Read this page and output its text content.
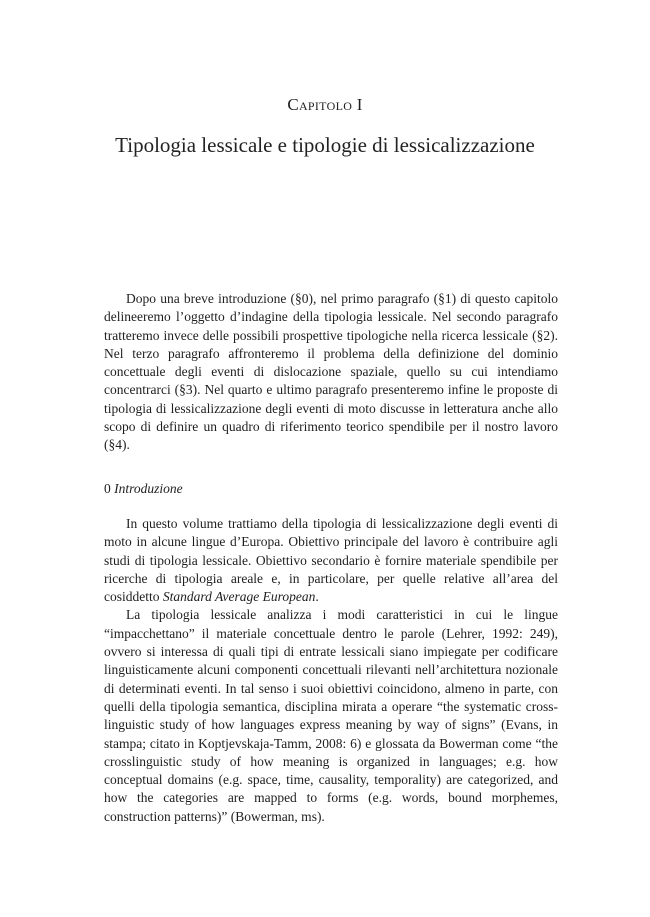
Capitolo I
Tipologia lessicale e tipologie di lessicalizzazione

Dopo una breve introduzione (§0), nel primo paragrafo (§1) di questo capitolo delineeremo l’oggetto d’indagine della tipologia lessicale. Nel secondo paragrafo tratteremo invece delle possibili prospettive tipologiche nella ricerca lessicale (§2). Nel terzo paragrafo affronteremo il problema della definizione del dominio concettuale degli eventi di dislocazione spaziale, quello su cui intendiamo concentrarci (§3). Nel quarto e ultimo paragrafo presenteremo infine le proposte di tipologia di lessicalizzazione degli eventi di moto discusse in letteratura anche allo scopo di definire un quadro di riferimento teorico spendibile per il nostro lavoro (§4).

0 Introduzione

In questo volume trattiamo della tipologia di lessicalizzazione degli eventi di moto in alcune lingue d’Europa. Obiettivo principale del lavoro è contribuire agli studi di tipologia lessicale. Obiettivo secondario è fornire materiale spendibile per ricerche di tipologia areale e, in particolare, per quelle relative all’area del cosiddetto Standard Average European.

La tipologia lessicale analizza i modi caratteristici in cui le lingue “impacchettano” il materiale concettuale dentro le parole (Lehrer, 1992: 249), ovvero si interessa di quali tipi di entrate lessicali siano impiegate per codificare linguisticamente alcuni componenti concettuali rilevanti nell’architettura nozionale di determinati eventi. In tal senso i suoi obiettivi coincidono, almeno in parte, con quelli della tipologia semantica, disciplina mirata a operare “the systematic cross-linguistic study of how languages express meaning by way of signs” (Evans, in stampa; citato in Koptjevskaja-Tamm, 2008: 6) e glossata da Bowerman come “the crosslinguistic study of how meaning is organized in languages; e.g. how conceptual domains (e.g. space, time, causality, temporality) are categorized, and how the categories are mapped to forms (e.g. words, bound morphemes, construction patterns)” (Bowerman, ms).
